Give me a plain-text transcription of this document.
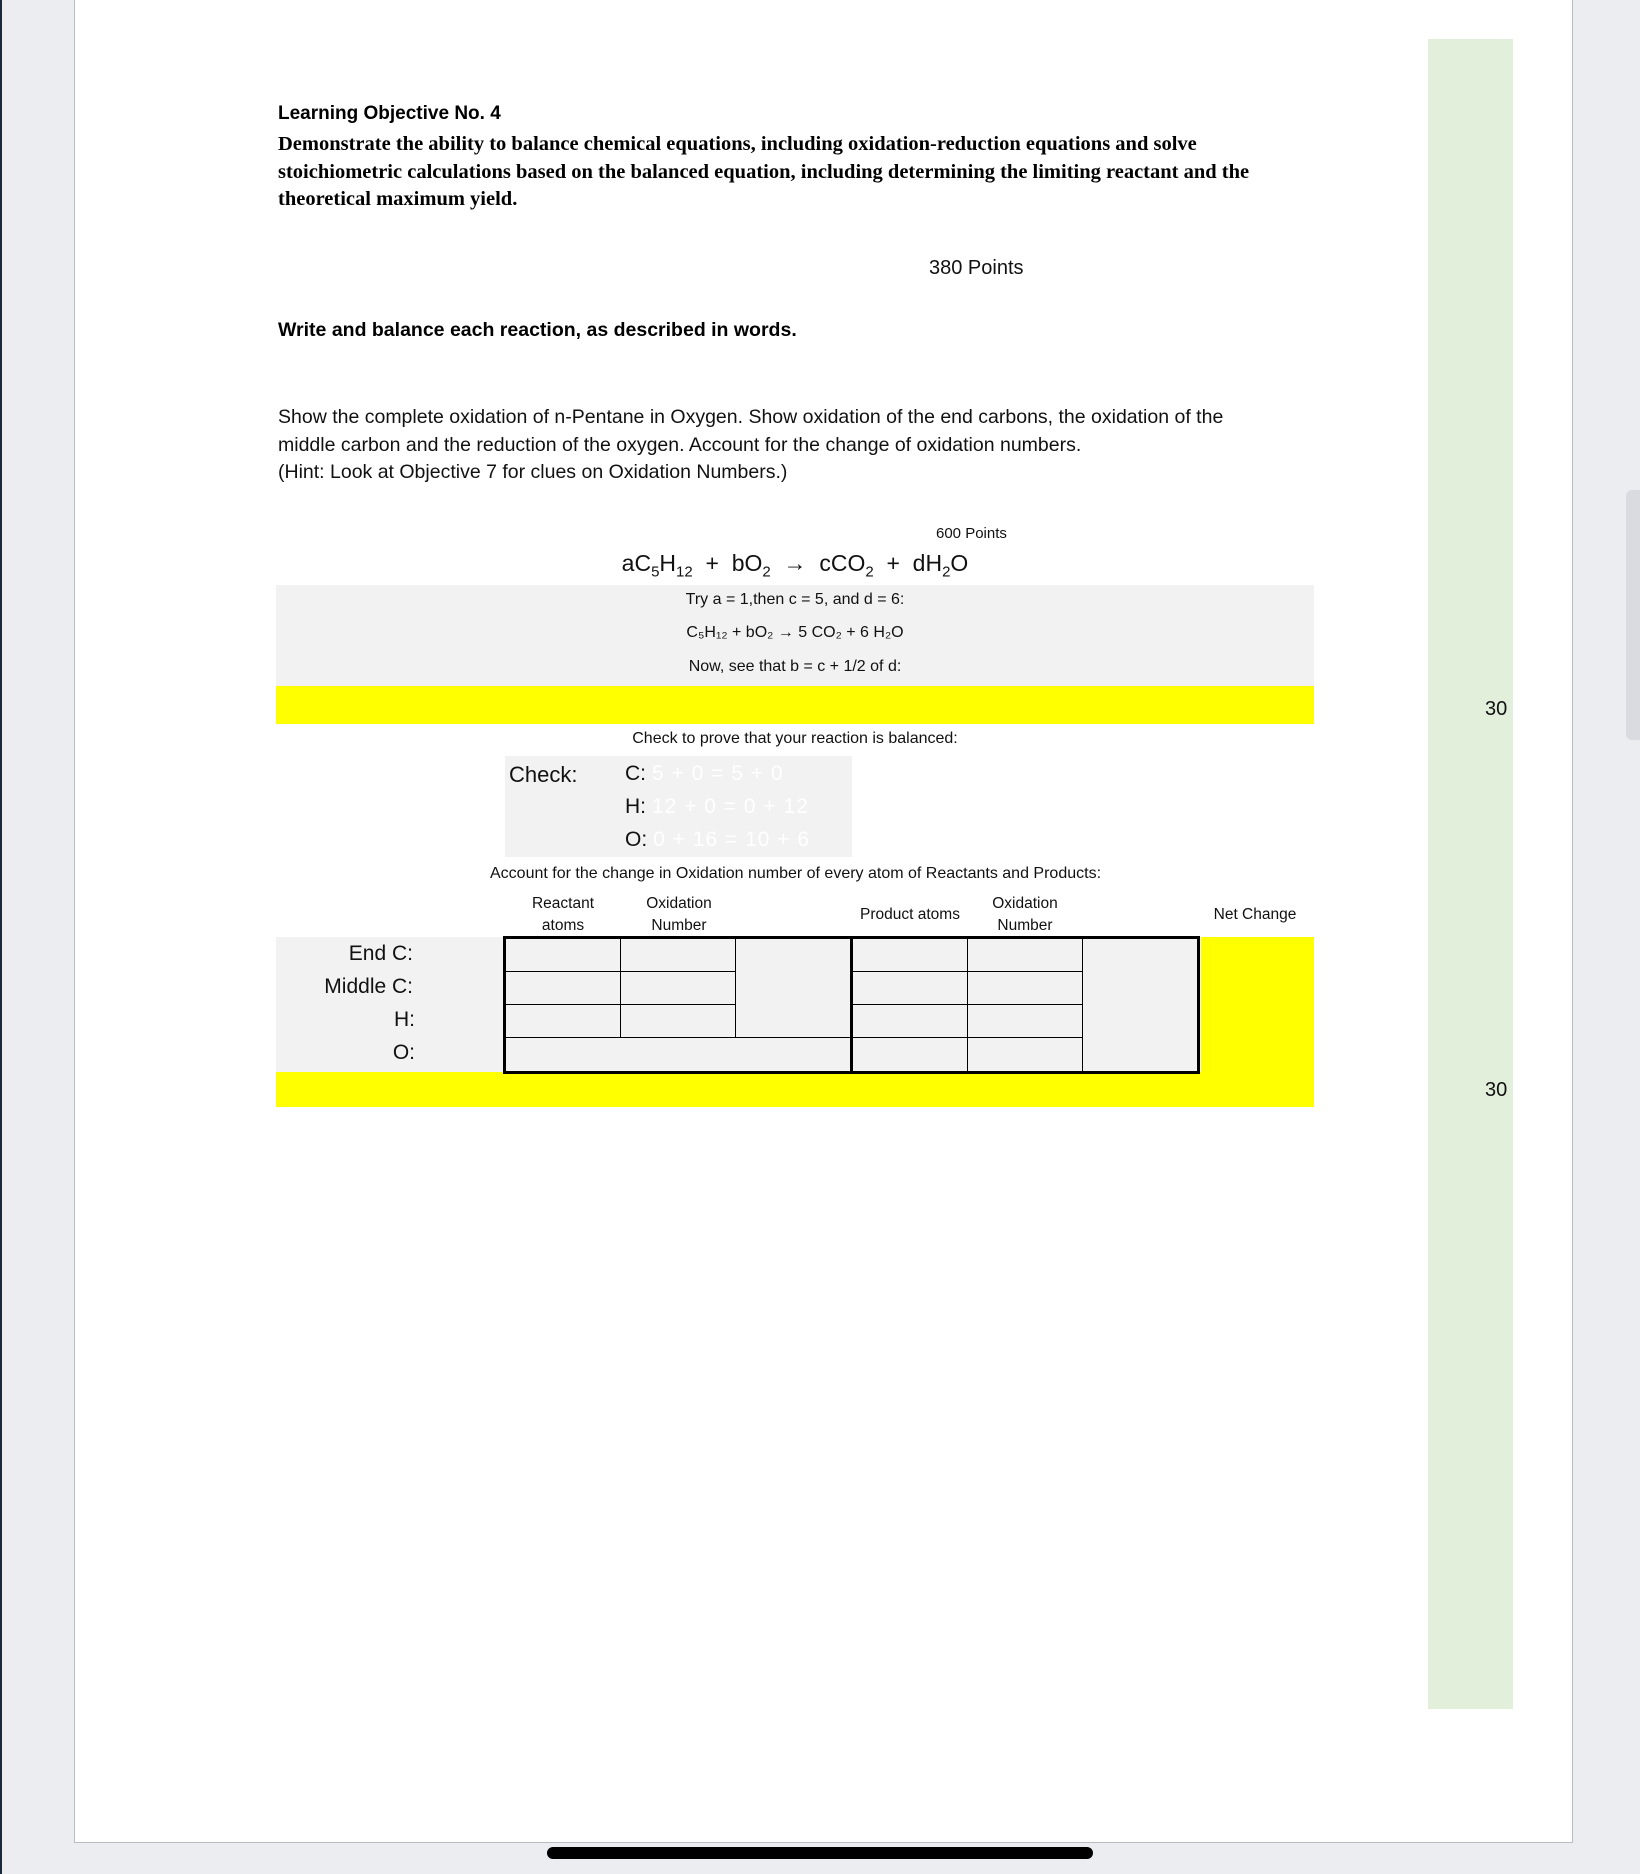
Learning Objective No. 4
Demonstrate the ability to balance chemical equations, including oxidation-reduction equations and solve stoichiometric calculations based on the balanced equation, including determining the limiting reactant and the theoretical maximum yield.
380 Points
Write and balance each reaction, as described in words.
Show the complete oxidation of n-Pentane in Oxygen. Show oxidation of the end carbons, the oxidation of the
middle carbon and the reduction of the oxygen. Account for the change of oxidation numbers.
(Hint: Look at Objective 7 for clues on Oxidation Numbers.)
600 Points
$aC_5H_{12} + bO_2 \to cCO_2 + dH_2O$
Try a = 1,then c = 5, and d = 6:
C₅H₁₂ + bO₂ → 5 CO₂ + 6 H₂O
Now, see that b = c + 1/2 of d:
30
Check to prove that your reaction is balanced:
Check: C: 5 + 0 = 5 + 0
H: 12 + 0 = 0 + 12
O: 0 + 16 = 10 + 6
Account for the change in Oxidation number of every atom of Reactants and Products:
Reactant
atoms
Oxidation
Number
Product atoms
Oxidation
Number
Net Change
End C:
Middle C:
H:
O:
30
